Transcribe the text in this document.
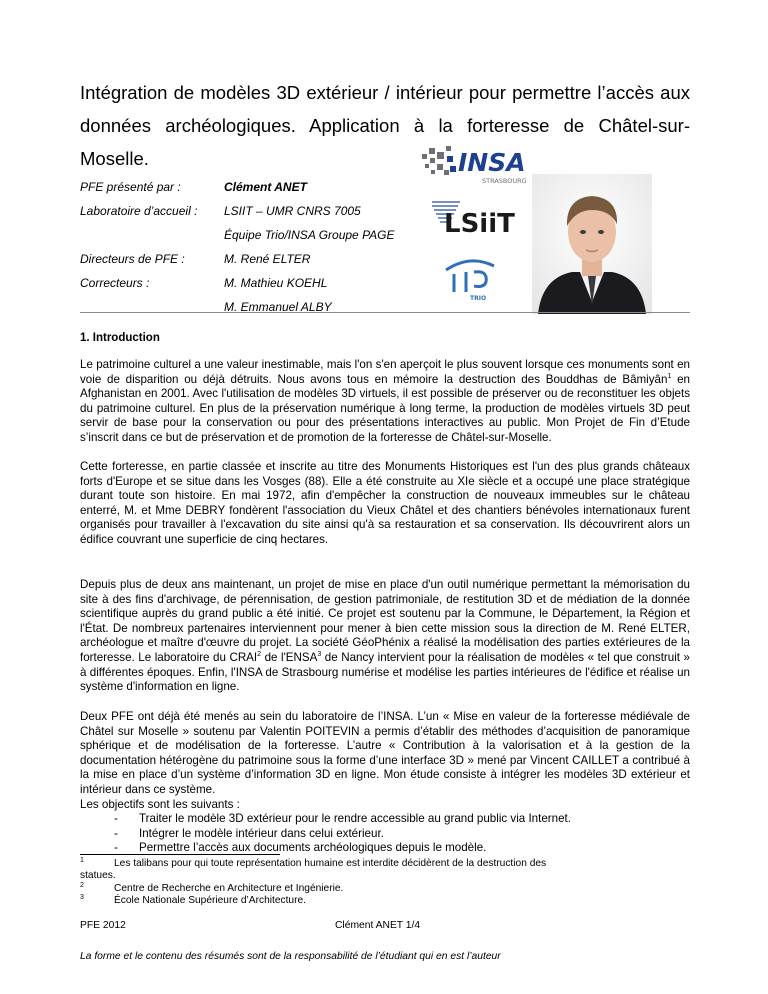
Intégration de modèles 3D extérieur / intérieur pour permettre l’accès aux données archéologiques. Application à la forteresse de Châtel-sur-Moselle.
PFE présenté par :	Clément ANET
Laboratoire d’accueil : LSIIT – UMR CNRS 7005
Équipe Trio/INSA Groupe PAGE
Directeurs de PFE :	M. René ELTER
Correcteurs :	M. Mathieu KOEHL
M. Emmanuel ALBY
INSA
STRASBOURG
LSiiT
TRIO
1. Introduction

Le patrimoine culturel a une valeur inestimable, mais l'on s'en aperçoit le plus souvent lorsque ces monuments sont en voie de disparition ou déjà détruits. Nous avons tous en mémoire la destruction des Bouddhas de Bâmiyân$^1$ en Afghanistan en 2001. Avec l'utilisation de modèles 3D virtuels, il est possible de préserver ou de reconstituer les objets du patrimoine culturel. En plus de la préservation numérique à long terme, la production de modèles virtuels 3D peut servir de base pour la conservation ou pour des présentations interactives au public. Mon Projet de Fin d’Etude s’inscrit dans ce but de préservation et de promotion de la forteresse de Châtel-sur-Moselle.

Cette forteresse, en partie classée et inscrite au titre des Monuments Historiques est l'un des plus grands châteaux forts d'Europe et se situe dans les Vosges (88). Elle a été construite au XIe siècle et a occupé une place stratégique durant toute son histoire. En mai 1972, afin d'empêcher la construction de nouveaux immeubles sur le château enterré, M. et Mme DEBRY fondèrent l'association du Vieux Châtel et des chantiers bénévoles internationaux furent organisés pour travailler à l'excavation du site ainsi qu'à sa restauration et sa conservation. Ils découvrirent alors un édifice couvrant une superficie de cinq hectares.

Depuis plus de deux ans maintenant, un projet de mise en place d'un outil numérique permettant la mémorisation du site à des fins d'archivage, de pérennisation, de gestion patrimoniale, de restitution 3D et de médiation de la donnée scientifique auprès du grand public a été initié. Ce projet est soutenu par la Commune, le Département, la Région et l'État. De nombreux partenaires interviennent pour mener à bien cette mission sous la direction de M. René ELTER, archéologue et maître d'œuvre du projet. La société GéoPhénix a réalisé la modélisation des parties extérieures de la forteresse. Le laboratoire du CRAI$^2$ de l'ENSA$^3$ de Nancy intervient pour la réalisation de modèles « tel que construit » à différentes époques. Enfin, l'INSA de Strasbourg numérise et modélise les parties intérieures de l'édifice et réalise un système d'information en ligne.

Deux PFE ont déjà été menés au sein du laboratoire de l’INSA. L’un « Mise en valeur de la forteresse médiévale de Châtel sur Moselle » soutenu par Valentin POITEVIN a permis d’établir des méthodes d’acquisition de panoramique sphérique et de modélisation de la forteresse. L’autre « Contribution à la valorisation et à la gestion de la documentation hétérogène du patrimoine sous la forme d’une interface 3D » mené par Vincent CAILLET a contribué à la mise en place d’un système d’information 3D en ligne. Mon étude consiste à intégrer les modèles 3D extérieur et intérieur dans ce système.

Les objectifs sont les suivants :

- Traiter le modèle 3D extérieur pour le rendre accessible au grand public via Internet.
- Intégrer le modèle intérieur dans celui extérieur.
- Permettre l’accès aux documents archéologiques depuis le modèle.
1	Les talibans pour qui toute représentation humaine est interdite décidèrent de la destruction des
statues.
2	Centre de Recherche en Architecture et Ingénierie.
3	École Nationale Supérieure d’Architecture.
PFE 2012	Clément ANET 1/4
La forme et le contenu des résumés sont de la responsabilité de l’étudiant qui en est l’auteur
